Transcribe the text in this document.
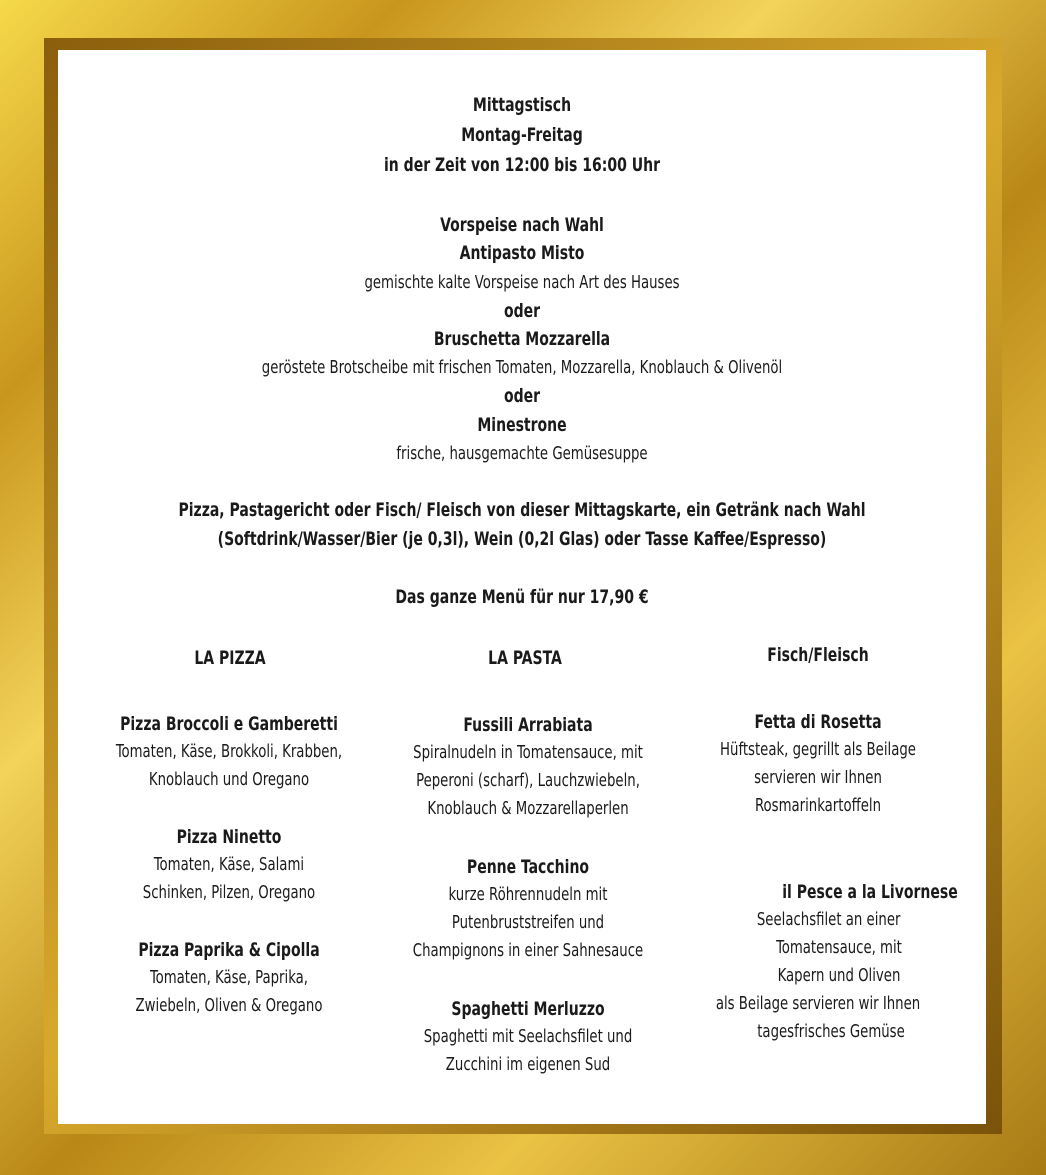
Mittagstisch
Montag-Freitag
in der Zeit von 12:00 bis 16:00 Uhr
Vorspeise nach Wahl
Antipasto Misto
gemischte kalte Vorspeise nach Art des Hauses
oder
Bruschetta Mozzarella
geröstete Brotscheibe mit frischen Tomaten, Mozzarella, Knoblauch & Olivenöl
oder
Minestrone
frische, hausgemachte Gemüsesuppe
Pizza, Pastagericht oder Fisch/ Fleisch von dieser Mittagskarte, ein Getränk nach Wahl
(Softdrink/Wasser/Bier (je 0,3l), Wein (0,2l Glas) oder Tasse Kaffee/Espresso)
Das ganze Menü für nur 17,90 €
LA PIZZA	LA PASTA	Fisch/Fleisch
Pizza Broccoli e Gamberetti
Tomaten, Käse, Brokkoli, Krabben,
Knoblauch und Oregano
Pizza Ninetto
Tomaten, Käse, Salami
Schinken, Pilzen, Oregano
Pizza Paprika & Cipolla
Tomaten, Käse, Paprika,
Zwiebeln, Oliven & Oregano
Fussili Arrabiata
Spiralnudeln in Tomatensauce, mit
Peperoni (scharf), Lauchzwiebeln,
Knoblauch & Mozzarellaperlen
Penne Tacchino
kurze Röhrennudeln mit
Putenbruststreifen und
Champignons in einer Sahnesauce
Spaghetti Merluzzo
Spaghetti mit Seelachsfilet und
Zucchini im eigenen Sud
Fetta di Rosetta
Hüftsteak, gegrillt als Beilage
servieren wir Ihnen
Rosmarinkartoffeln
il Pesce a la Livornese
Seelachsfilet an einer
Tomatensauce, mit
Kapern und Oliven
als Beilage servieren wir Ihnen
tagesfrisches Gemüse
